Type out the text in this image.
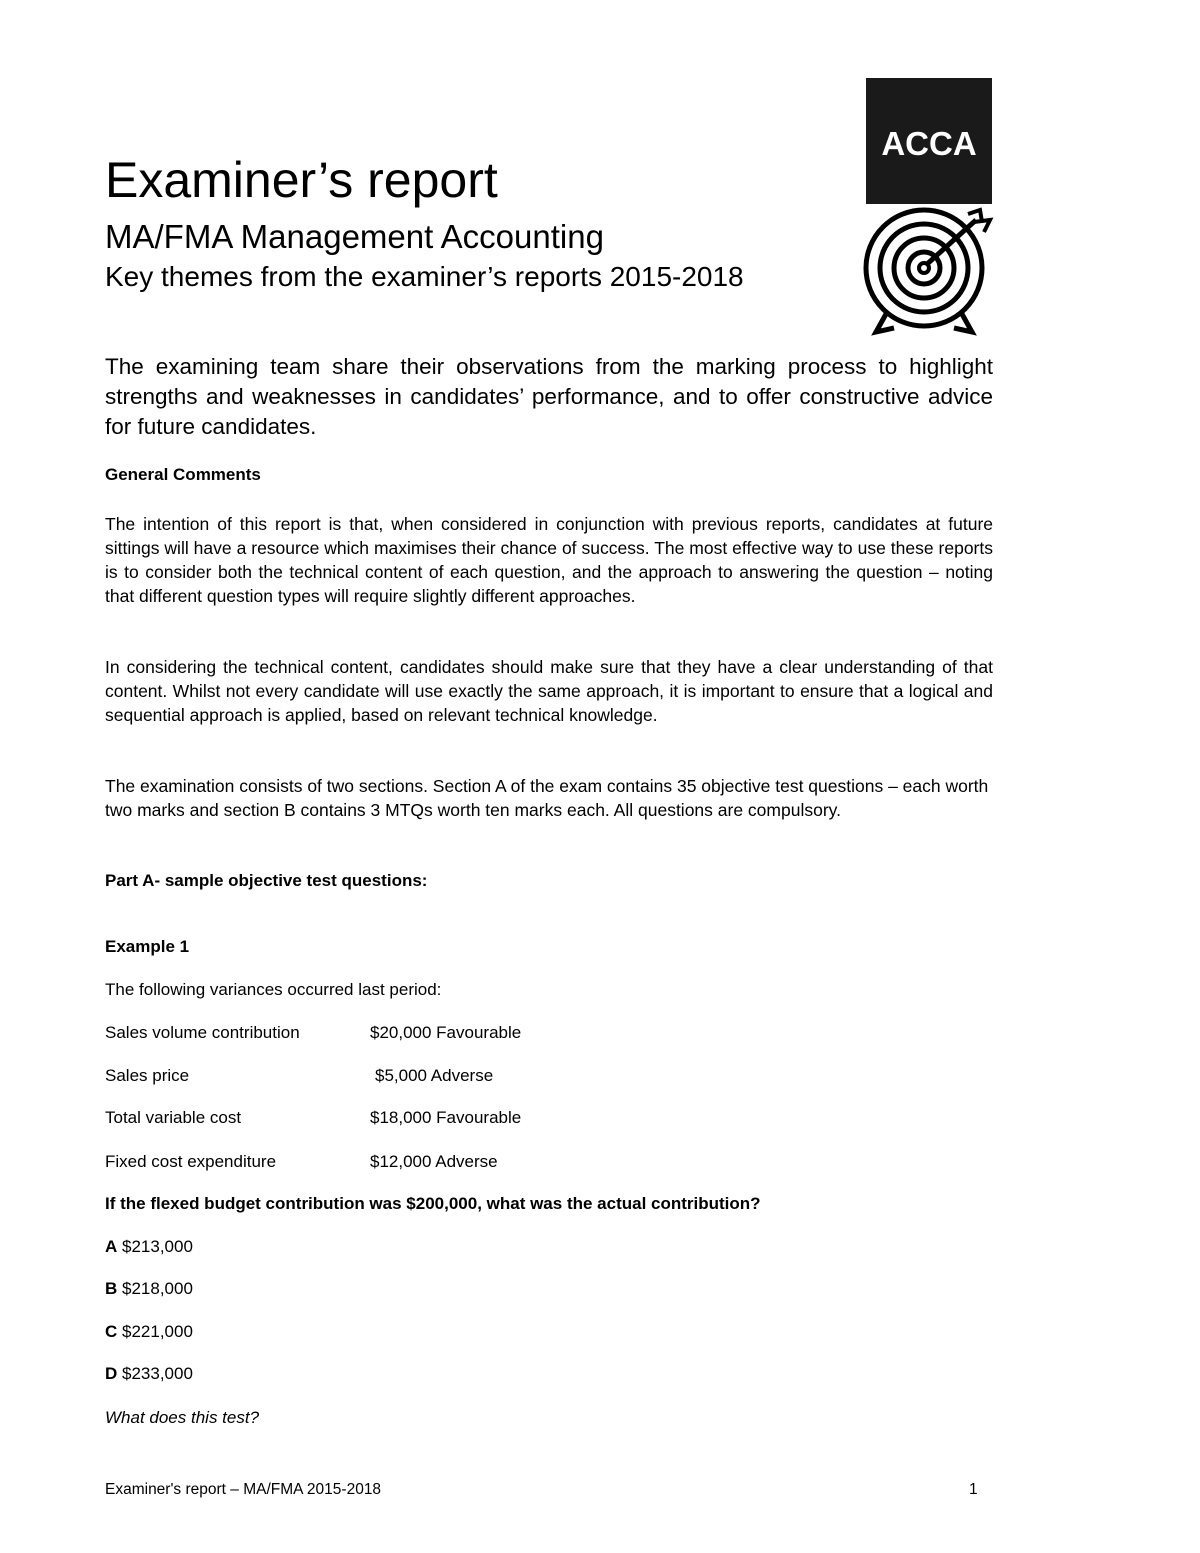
ACCA
Examiner’s report
MA/FMA Management Accounting
Key themes from the examiner’s reports 2015-2018
The examining team share their observations from the marking process to highlight strengths and weaknesses in candidates’ performance, and to offer constructive advice for future candidates.
General Comments
The intention of this report is that, when considered in conjunction with previous reports, candidates at future sittings will have a resource which maximises their chance of success. The most effective way to use these reports is to consider both the technical content of each question, and the approach to answering the question – noting that different question types will require slightly different approaches.
In considering the technical content, candidates should make sure that they have a clear understanding of that content. Whilst not every candidate will use exactly the same approach, it is important to ensure that a logical and sequential approach is applied, based on relevant technical knowledge.
The examination consists of two sections. Section A of the exam contains 35 objective test questions – each worth two marks and section B contains 3 MTQs worth ten marks each. All questions are compulsory.
Part A- sample objective test questions:
Example 1
The following variances occurred last period:
Sales volume contribution	$20,000 Favourable
Sales price	$5,000 Adverse
Total variable cost	$18,000 Favourable
Fixed cost expenditure	$12,000 Adverse
If the flexed budget contribution was $200,000, what was the actual contribution?
A $213,000
B $218,000
C $221,000
D $233,000
What does this test?
Examiner's report – MA/FMA 2015-2018	1
